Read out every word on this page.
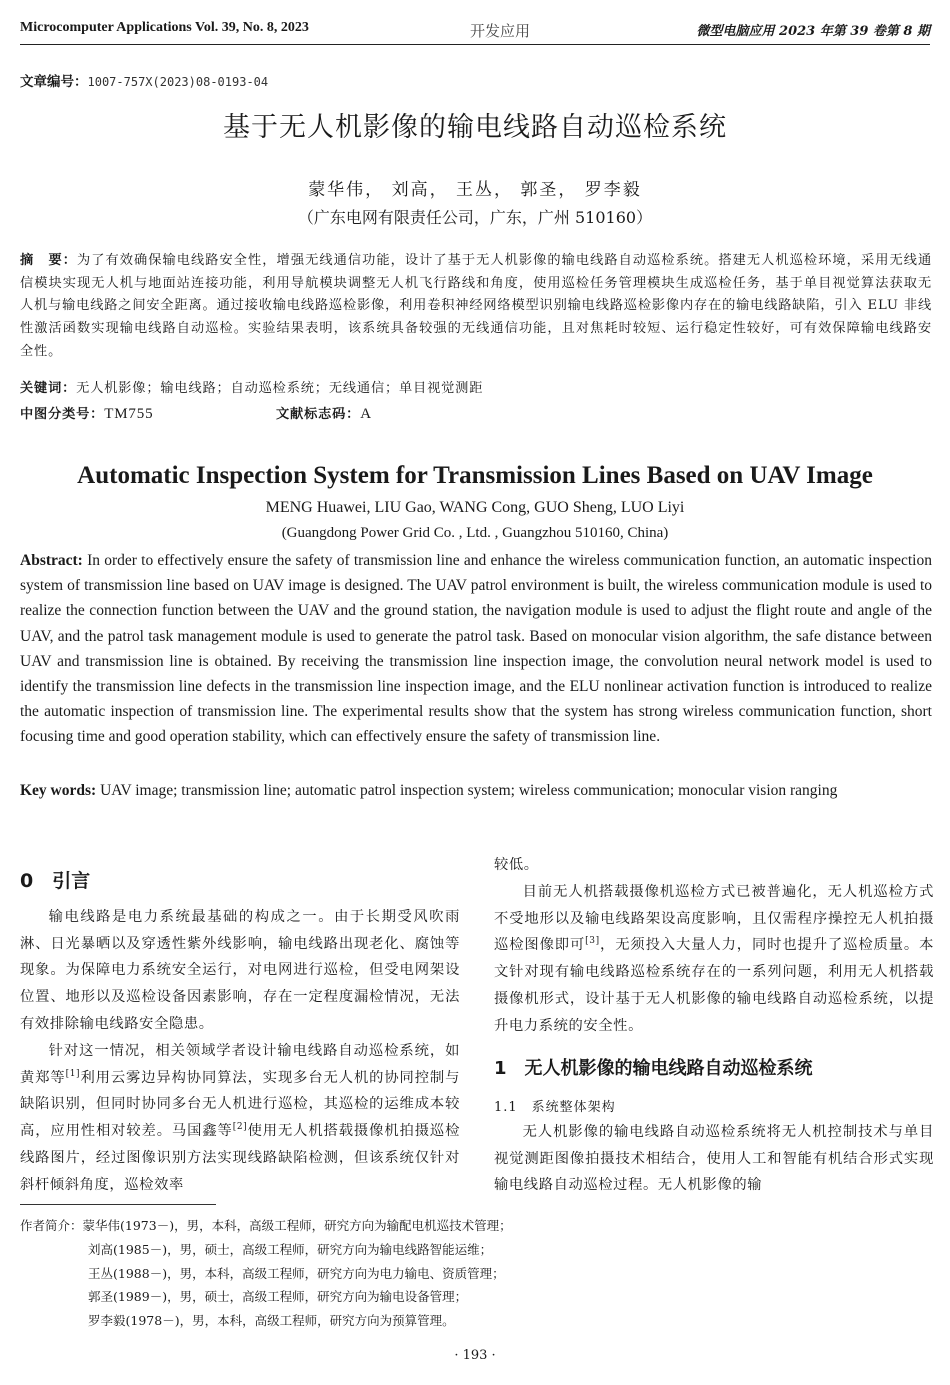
Microcomputer Applications Vol. 39, No. 8, 2023	开发应用	微型电脑应用 2023 年第 39 卷第 8 期
文章编号：1007-757X(2023)08-0193-04
基于无人机影像的输电线路自动巡检系统
蒙华伟， 刘高， 王丛， 郭圣， 罗李毅
（广东电网有限责任公司，广东，广州 510160）
摘　要：为了有效确保输电线路安全性，增强无线通信功能，设计了基于无人机影像的输电线路自动巡检系统。搭建无人机巡检环境，采用无线通信模块实现无人机与地面站连接功能，利用导航模块调整无人机飞行路线和角度，使用巡检任务管理模块生成巡检任务，基于单目视觉算法获取无人机与输电线路之间安全距离。通过接收输电线路巡检影像，利用卷积神经网络模型识别输电线路巡检影像内存在的输电线路缺陷，引入 ELU 非线性激活函数实现输电线路自动巡检。实验结果表明，该系统具备较强的无线通信功能，且对焦耗时较短、运行稳定性较好，可有效保障输电线路安全性。
关键词：无人机影像；输电线路；自动巡检系统；无线通信；单目视觉测距
中图分类号：TM755	文献标志码：A
Automatic Inspection System for Transmission Lines Based on UAV Image
MENG Huawei, LIU Gao, WANG Cong, GUO Sheng, LUO Liyi
(Guangdong Power Grid Co. , Ltd. , Guangzhou 510160, China)
Abstract: In order to effectively ensure the safety of transmission line and enhance the wireless communication function, an automatic inspection system of transmission line based on UAV image is designed. The UAV patrol environment is built, the wireless communication module is used to realize the connection function between the UAV and the ground station, the navigation module is used to adjust the flight route and angle of the UAV, and the patrol task management module is used to generate the patrol task. Based on monocular vision algorithm, the safe distance between UAV and transmission line is obtained. By receiving the transmission line inspection image, the convolution neural network model is used to identify the transmission line defects in the transmission line inspection image, and the ELU nonlinear activation function is introduced to realize the automatic inspection of transmission line. The experimental results show that the system has strong wireless communication function, short focusing time and good operation stability, which can effectively ensure the safety of transmission line.
Key words: UAV image; transmission line; automatic patrol inspection system; wireless communication; monocular vision ranging
0　引言
输电线路是电力系统最基础的构成之一。由于长期受风吹雨淋、日光暴晒以及穿透性紫外线影响，输电线路出现老化、腐蚀等现象。为保障电力系统安全运行，对电网进行巡检，但受电网架设位置、地形以及巡检设备因素影响，存在一定程度漏检情况，无法有效排除输电线路安全隐患。
针对这一情况，相关领域学者设计输电线路自动巡检系统，如黄郑等[1]利用云雾边异构协同算法，实现多台无人机的协同控制与缺陷识别，但同时协同多台无人机进行巡检，其巡检的运维成本较高，应用性相对较差。马国鑫等[2]使用无人机搭载摄像机拍摄巡检线路图片，经过图像识别方法实现线路缺陷检测，但该系统仅针对斜杆倾斜角度，巡检效率
较低。
目前无人机搭载摄像机巡检方式已被普遍化，无人机巡检方式不受地形以及输电线路架设高度影响，且仅需程序操控无人机拍摄巡检图像即可[3]，无须投入大量人力，同时也提升了巡检质量。本文针对现有输电线路巡检系统存在的一系列问题，利用无人机搭载摄像机形式，设计基于无人机影像的输电线路自动巡检系统，以提升电力系统的安全性。
1　无人机影像的输电线路自动巡检系统
1.1　系统整体架构
无人机影像的输电线路自动巡检系统将无人机控制技术与单目视觉测距图像拍摄技术相结合，使用人工和智能有机结合形式实现输电线路自动巡检过程。无人机影像的输
作者简介：蒙华伟(1973－)，男，本科，高级工程师，研究方向为输配电机巡技术管理；
刘高(1985－)，男，硕士，高级工程师，研究方向为输电线路智能运维；
王丛(1988－)，男，本科，高级工程师，研究方向为电力输电、资质管理；
郭圣(1989－)，男，硕士，高级工程师，研究方向为输电设备管理；
罗李毅(1978－)，男，本科，高级工程师，研究方向为预算管理。
· 193 ·
